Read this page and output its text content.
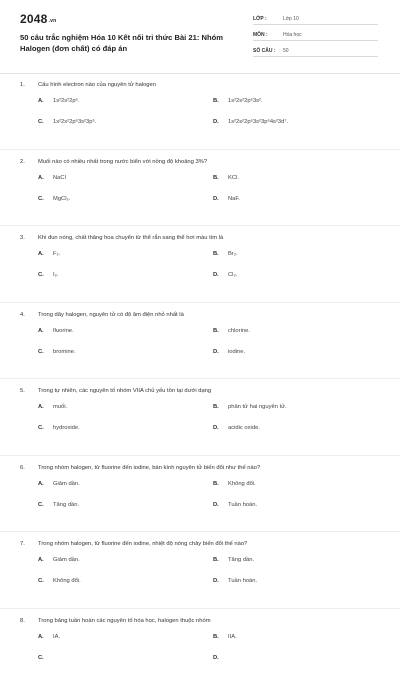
2048.vn
50 câu trắc nghiệm Hóa 10 Kết nối tri thức Bài 21: Nhóm Halogen (đơn chất) có đáp án
LỚP :	Lớp 10
MÔN :	Hóa học
SỐ CÂU :	50
1. Cấu hình electron nào của nguyên tử halogen
A. 1s²2s²2p⁶.	B. 1s²2s²2p⁶3s².
C. 1s²2s²2p⁶3s²3p⁵.	D. 1s²2s²2p⁶3s²3p⁶4s²3d⁷.
2. Muối nào có nhiều nhất trong nước biển với nồng độ khoảng 3%?
A. NaCl	B. KCl.
C. MgCl₂.	D. NaF.
3. Khi đun nóng, chất thăng hoa chuyển từ thể rắn sang thể hơi màu tím là
A. F₂.	B. Br₂.
C. I₂.	D. Cl₂.
4. Trong dãy halogen, nguyên tử có độ âm điện nhỏ nhất là
A. fluorine.	B. chlorine.
C. bromine.	D. iodine.
5. Trong tự nhiên, các nguyên tố nhóm VIIA chủ yếu tồn tại dưới dạng
A. muối.	B. phân tử hai nguyên tử.
C. hydroxide.	D. acidic oxide.
6. Trong nhóm halogen, từ fluorine đến iodine, bán kính nguyên tử biến đổi như thế nào?
A. Giảm dần.	B. Không đổi.
C. Tăng dần.	D. Tuần hoàn.
7. Trong nhóm halogen, từ fluorine đến iodine, nhiệt độ nóng chảy biến đổi thế nào?
A. Giảm dần.	B. Tăng dần.
C. Không đổi.	D. Tuần hoàn.
8. Trong bảng tuần hoàn các nguyên tố hóa học, halogen thuộc nhóm
A. IA.	B. IIA.
C.	D.
